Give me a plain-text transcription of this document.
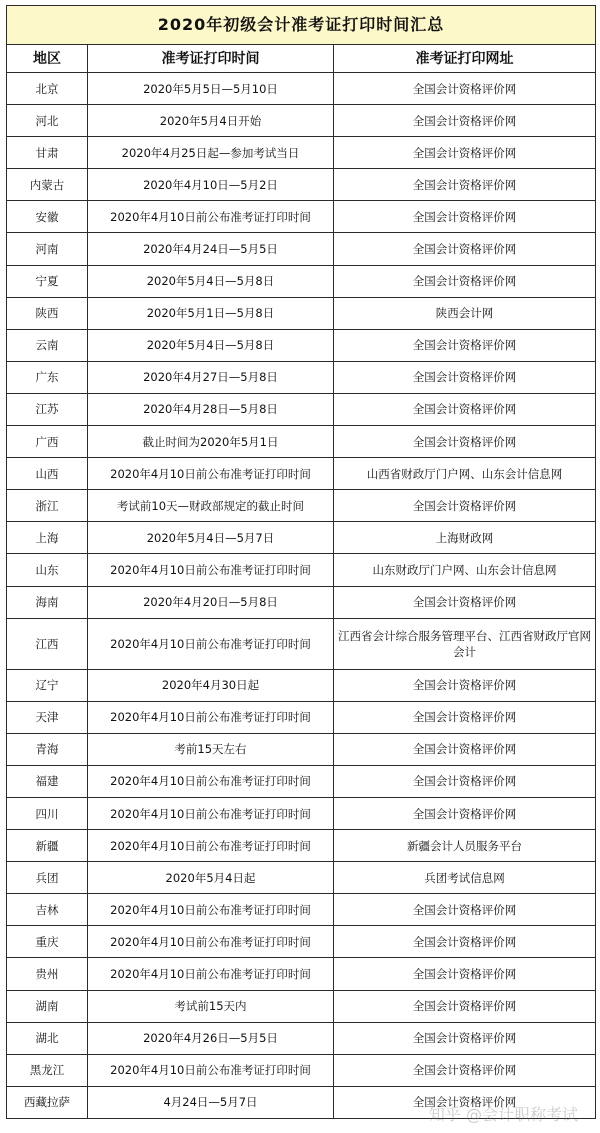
2020年初级会计准考证打印时间汇总		
地区	准考证打印时间	准考证打印网址
北京	2020年5月5日—5月10日	全国会计资格评价网
河北	2020年5月4日开始	全国会计资格评价网
甘肃	2020年4月25日起—参加考试当日	全国会计资格评价网
内蒙古	2020年4月10日—5月2日	全国会计资格评价网
安徽	2020年4月10日前公布准考证打印时间	全国会计资格评价网
河南	2020年4月24日—5月5日	全国会计资格评价网
宁夏	2020年5月4日—5月8日	全国会计资格评价网
陕西	2020年5月1日—5月8日	陕西会计网
云南	2020年5月4日—5月8日	全国会计资格评价网
广东	2020年4月27日—5月8日	全国会计资格评价网
江苏	2020年4月28日—5月8日	全国会计资格评价网
广西	截止时间为2020年5月1日	全国会计资格评价网
山西	2020年4月10日前公布准考证打印时间	山西省财政厅门户网、山东会计信息网
浙江	考试前10天—财政部规定的截止时间	全国会计资格评价网
上海	2020年5月4日—5月7日	上海财政网
山东	2020年4月10日前公布准考证打印时间	山东财政厅门户网、山东会计信息网
海南	2020年4月20日—5月8日	全国会计资格评价网
江西	2020年4月10日前公布准考证打印时间	江西省会计综合服务管理平台、江西省财政厅官网会计
辽宁	2020年4月30日起	全国会计资格评价网
天津	2020年4月10日前公布准考证打印时间	全国会计资格评价网
青海	考前15天左右	全国会计资格评价网
福建	2020年4月10日前公布准考证打印时间	全国会计资格评价网
四川	2020年4月10日前公布准考证打印时间	全国会计资格评价网
新疆	2020年4月10日前公布准考证打印时间	新疆会计人员服务平台
兵团	2020年5月4日起	兵团考试信息网
吉林	2020年4月10日前公布准考证打印时间	全国会计资格评价网
重庆	2020年4月10日前公布准考证打印时间	全国会计资格评价网
贵州	2020年4月10日前公布准考证打印时间	全国会计资格评价网
湖南	考试前15天内	全国会计资格评价网
湖北	2020年4月26日—5月5日	全国会计资格评价网
黑龙江	2020年4月10日前公布准考证打印时间	全国会计资格评价网
西藏拉萨	4月24日—5月7日	全国会计资格评价网
知乎 @会计职称考试
